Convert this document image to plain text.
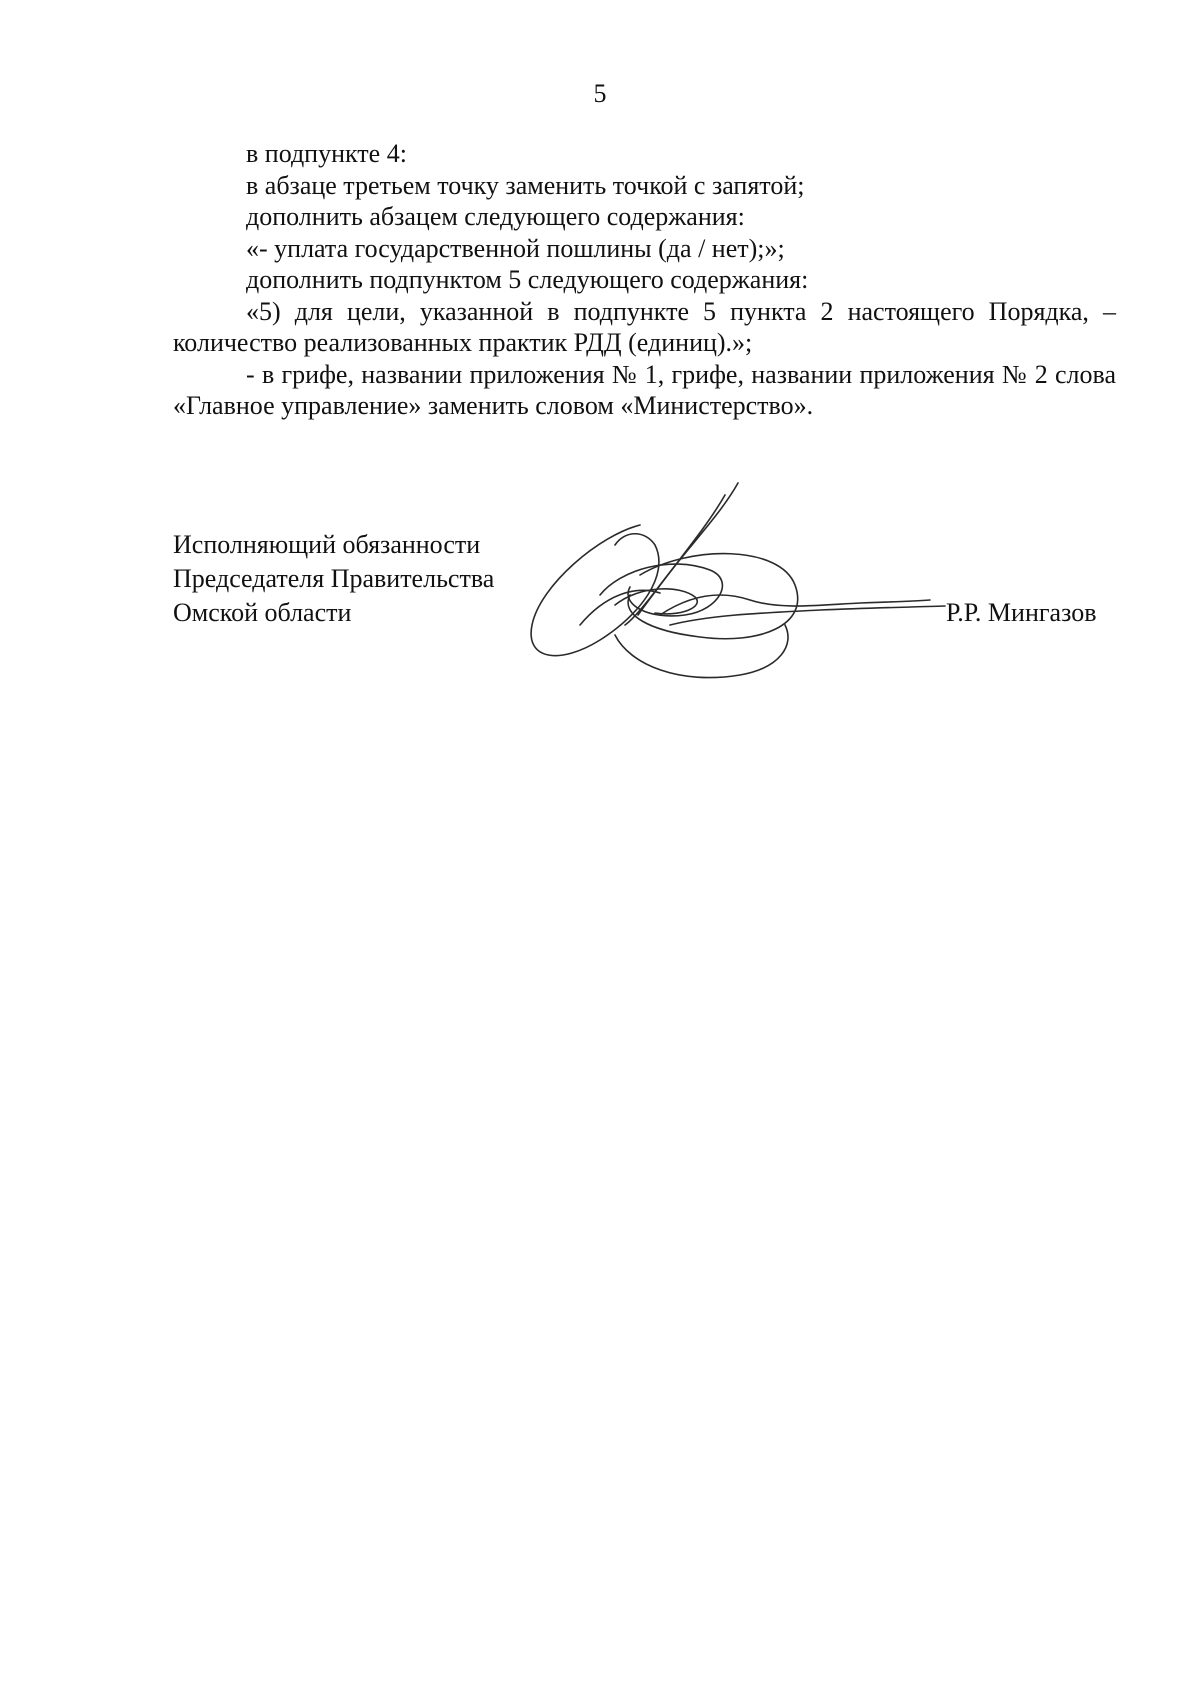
5

в подпункте 4:

в абзаце третьем точку заменить точкой с запятой;

дополнить абзацем следующего содержания:

«- уплата государственной пошлины (да / нет);»;

дополнить подпунктом 5 следующего содержания:

«5) для цели, указанной в подпункте 5 пункта 2 настоящего Порядка, – количество реализованных практик РДД (единиц).»;

- в грифе, названии приложения № 1, грифе, названии приложения № 2 слова «Главное управление» заменить словом «Министерство».

Исполняющий обязанности
Председателя Правительства
Омской области	Р.Р. Мингазов
